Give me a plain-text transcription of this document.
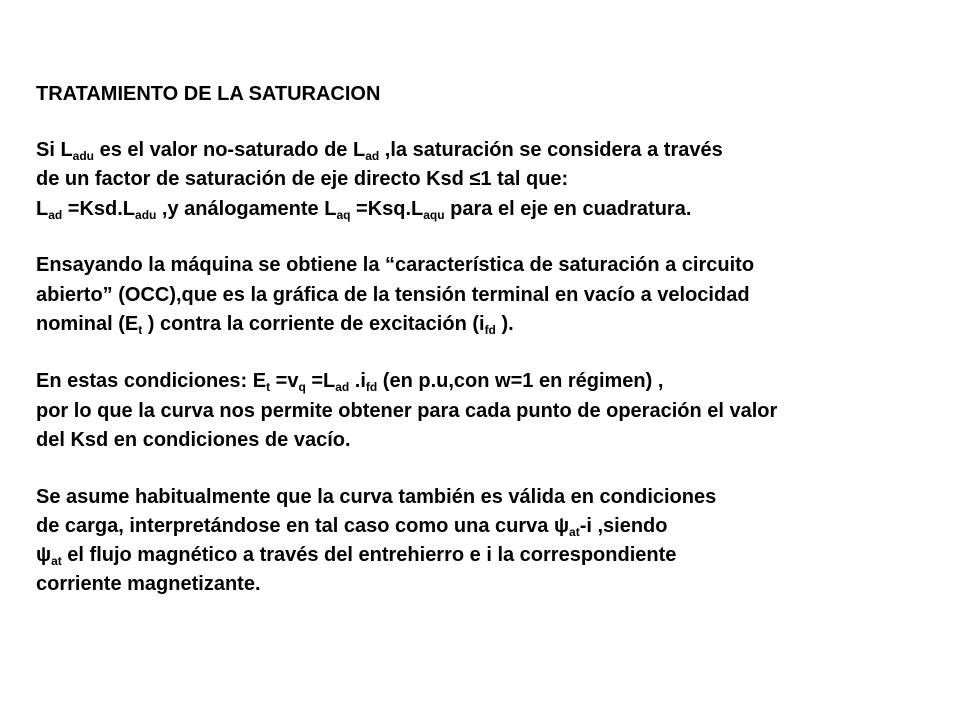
TRATAMIENTO DE LA SATURACION
Si $L_{adu}$ es el valor no-saturado de $L_{ad}$ ,la saturación se considera a través
de un factor de saturación de eje directo Ksd ≤1 tal que:
$L_{ad} =Ksd.L_{adu}$ ,y análogamente $L_{aq} =Ksq.L_{aqu}$ para el eje en cuadratura.
Ensayando la máquina se obtiene la “característica de saturación a circuito
abierto” (OCC),que es la gráfica de la tensión terminal en vacío a velocidad
nominal ($E_t$ ) contra la corriente de excitación ($i_{fd}$ ).
En estas condiciones: $E_t =v_q =L_{ad}$ $.i_{fd}$ (en p.u,con w=1 en régimen) ,
por lo que la curva nos permite obtener para cada punto de operación el valor
del Ksd en condiciones de vacío.
Se asume habitualmente que la curva también es válida en condiciones
de carga, interpretándose en tal caso como una curva $\psi_{at}-i$ ,siendo
$\psi_{at}$ el flujo magnético a través del entrehierro e i la correspondiente
corriente magnetizante.
